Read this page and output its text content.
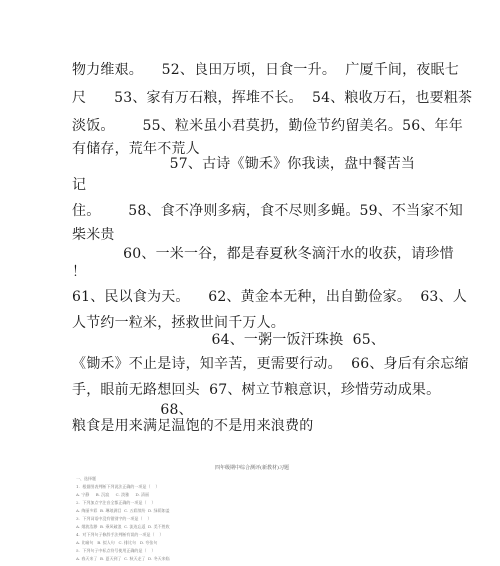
物力维艰。    52、良田万顷，日食一升。  广厦千间，夜眠七
尺      53、家有万石粮，挥堆不长。  54、粮收万石，也要粗茶
淡饭。      55、粒米虽小君莫扔，勤俭节约留美名。56、年年
有储存，荒年不荒人
57、古诗《锄禾》你我读，盘中餐苦当
记
住。      58、食不净则多病，食不尽则多蝇。59、不当家不知
柴米贵
60、一米一谷，都是春夏秋冬滴汗水的收获，请珍惜
！
61、民以食为天。    62、黄金本无种，出自勤俭家。  63、人
人节约一粒米，拯救世间千万人。
64、一粥一饭汗珠换  65、
《锄禾》不止是诗，知辛苦，更需要行动。  66、身后有余忘缩
手，眼前无路想回头  67、树立节粮意识，珍惜劳动成果。
68、
粮食是用来满足温饱的不是用来浪费的
四年级期中综合测评(新教材)习题
一、选择题
1.  根据图表判断下列说法正确的一项是（    ）
A. 宁静     B. 沉寂     C. 淡雅     D. 清丽
2.  下列加点字注音全都正确的一项是（    ）
A. 绚丽多彩  B. 琳琅满目  C. 五彩缤纷  D. 绿荫如盖
3.  下列词语中没有错别字的一项是（    ）
A. 烟波浩渺  B. 乘风破浪  C. 流连忘返  D. 美不胜收
4.  对下列句子修辞手法判断有误的一项是（    ）
A. 比喻句   B. 拟人句   C. 排比句   D. 夸张句
5.  下列句子中标点符号使用正确的是（    ）
A. 春天来了  B. 夏天到了  C. 秋天走了  D. 冬天来临
